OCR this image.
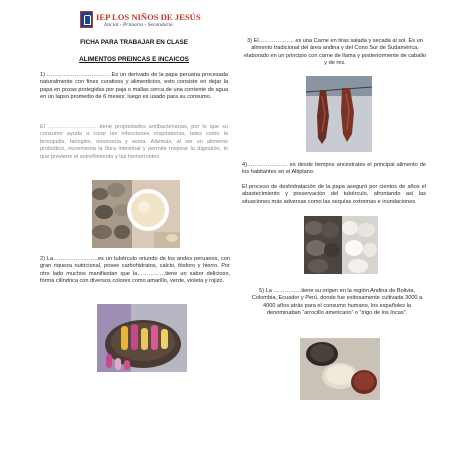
IEP LOS NIÑOS DE JESÚS
Inicial - Primaria - Secundaria
FICHA PARA TRABAJAR EN CLASE
ALIMENTOS PREINCAS E INCAICOS
1) ……………………………. Es un derivado de la papa peruana procesada naturalmente con fines curativos y alimenticios, esto consiste en dejar la papa en pozas protegidas por paja o mallas cerca de una corriente de agua en un lapso promedio de 6 meses: luego es usado para su consumo.
El ……………………….tiene propiedades antibacterianas, por lo que su consumo ayuda a curar las infecciones respiratorias, tales como la bronquitis, faringitis, neumonía y asma. Además, al ser un alimento probiótico, incrementa la flora intestinal y permite mejorar la digestión, lo que previene el estreñimiento y las hemorroides.
2) La……………………es un tubérculo oriundo de los andes peruanos, con gran riqueza nutricional, posee carbohidratos, calcio, fósforo y hierro. Por otro lado muchos manifiestan que la……………tiene un sabor delicioso, forma cilíndrica con diversos colores como amarillo, verde, violeta y rojizo.
3) El………………. es una Carne en tiras salada y secada al sol. Es un alimento tradicional del área andina y del Cono Sur de Sudamérica, elaborado en un principio con carne de llama y posteriormente de caballo y de res.
4)…………………. es desde tiempos ancestrales el principal alimento de los habitantes en el Altiplano.
El proceso de deshidratación de la papa aseguró por cientos de años el abastecimiento y preservación del tubérculo, afrontando así las situaciones más adversas como las sequías extremas e inundaciones.
5) La ……………tiene su origen en la región Andina de Bolivia, Colombia, Ecuador y Perú, donde fue exitosamente cultivada 3000 a 4000 años atrás para el consumo humano, los españoles la denominaban “arrocillo americano” o “trigo de los Incas”.
